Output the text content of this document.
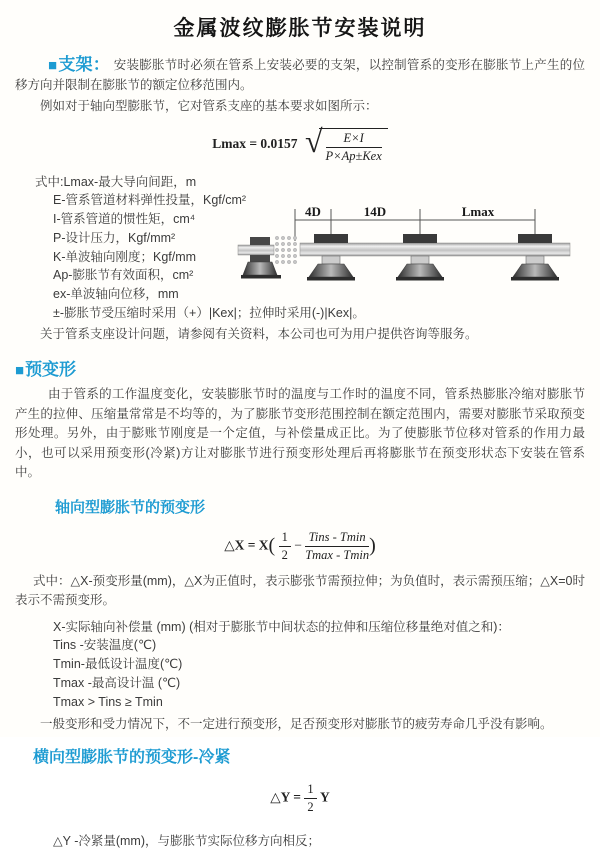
金属波纹膨胀节安装说明

■支架： 安装膨胀节时必须在管系上安装必要的支架，以控制管系的变形在膨胀节上产生的位移方向并限制在膨胀节的额定位移范围内。

例如对于轴向型膨胀节，它对管系支座的基本要求如图所示：

Lmax = 0.0157 √ $\frac{E\times I}{\text{P×Ap±Kex}}$
式中:Lmax-最大导向间距，m
E-管系管道材料弹性投量，Kgf/cm²
I-管系管道的惯性矩，cm⁴
P-设计压力，Kgf/mm²
K-单波轴向刚度；Kgf/mm
Ap-膨胀节有效面积，cm²
ex-单波轴向位移，mm
±-膨胀节受压缩时采用（+）|Kex|；拉伸时采用(-)|Kex|。
4D	14D	Lmax

关于管系支座设计问题，请参阅有关资料，本公司也可为用户提供咨询等服务。

■预变形

由于管系的工作温度变化，安装膨胀节时的温度与工作时的温度不同，管系热膨胀冷缩对膨胀节产生的拉伸、压缩量常常是不均等的，为了膨胀节变形范围控制在额定范围内，需要对膨胀节采取预变形处理。另外，由于膨账节刚度是一个定值，与补偿量成正比。为了使膨胀节位移对管系的作用力最小，也可以采用预变形(冷紧)方让对膨胀节进行预变形处理后再将膨胀节在预变形状态下安装在管系中。

轴向型膨胀节的预变形
△X = $X( \frac{1}{2} - \frac{\text{Tins - Tmin}}{Tmax - Tmin}$ )

式中：△X-预变形量(mm)，△X为正值时，表示膨张节需预拉伸；为负值时，表示需预压缩；△X=0时表示不需预变形。

X-实际轴向补偿量 (mm) (相对于膨胀节中间状态的拉伸和压缩位移量绝对值之和)：
Tins -安装温度(℃)
Tmin-最低设计温度(℃)
Tmax -最高设计温 (℃)
Tmax > Tins ≥ Tmin

一般变形和受力情况下，不一定进行预变形，足否预变形对膨胀节的疲劳寿命几乎没有影响。

横向型膨胀节的预变形-冷紧
△Y = $\frac{1}{2}$ Y
△Y -冷紧量(mm)，与膨胀节实际位移方向相反；
